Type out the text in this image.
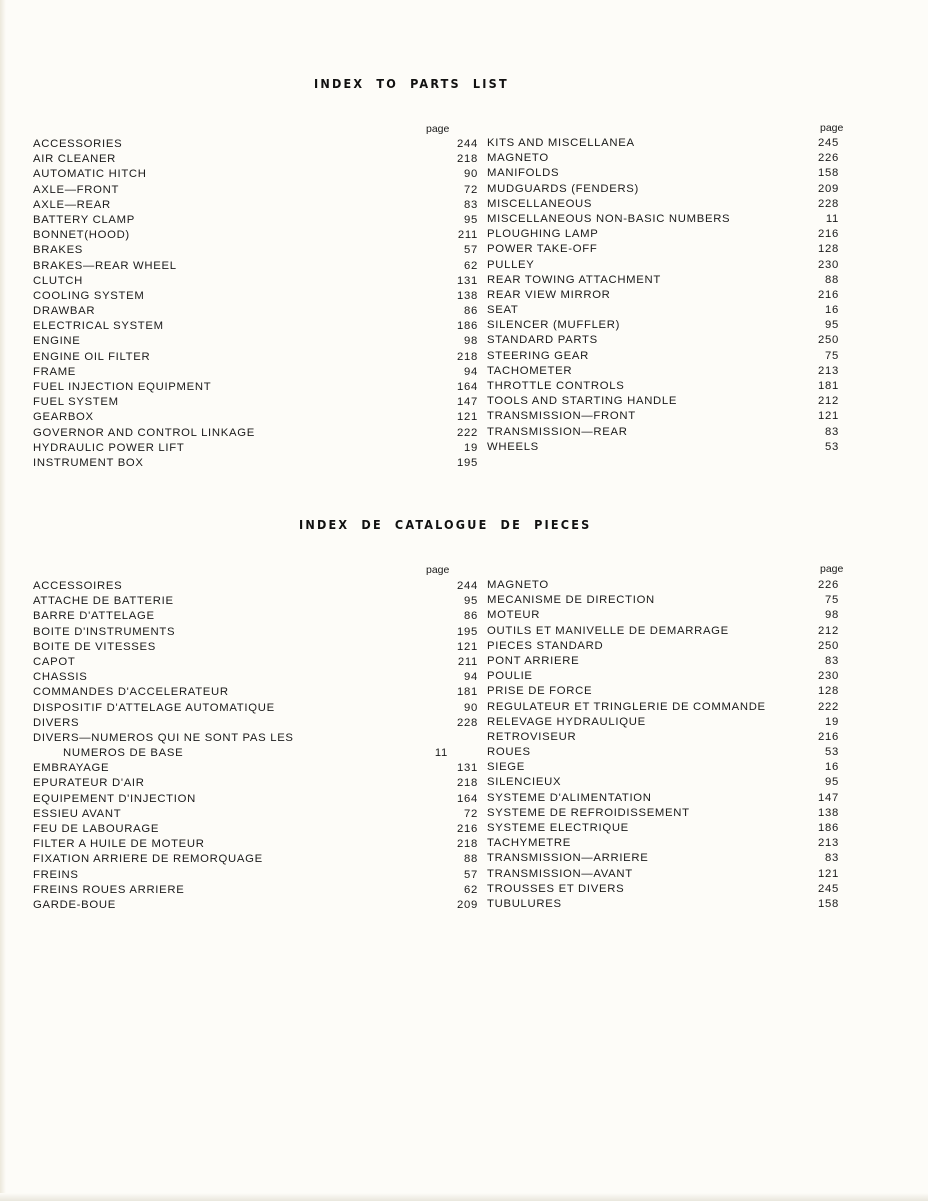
INDEX TO PARTS LIST
page	page
ACCESSORIES	244
AIR CLEANER	218
AUTOMATIC HITCH	90
AXLE—FRONT	72
AXLE—REAR	83
BATTERY CLAMP	95
BONNET(HOOD)	211
BRAKES	57
BRAKES—REAR WHEEL	62
CLUTCH	131
COOLING SYSTEM	138
DRAWBAR	86
ELECTRICAL SYSTEM	186
ENGINE	98
ENGINE OIL FILTER	218
FRAME	94
FUEL INJECTION EQUIPMENT	164
FUEL SYSTEM	147
GEARBOX	121
GOVERNOR AND CONTROL LINKAGE	222
HYDRAULIC POWER LIFT	19
INSTRUMENT BOX	195
KITS AND MISCELLANEA	245
MAGNETO	226
MANIFOLDS	158
MUDGUARDS (FENDERS)	209
MISCELLANEOUS	228
MISCELLANEOUS NON-BASIC NUMBERS	11
PLOUGHING LAMP	216
POWER TAKE-OFF	128
PULLEY	230
REAR TOWING ATTACHMENT	88
REAR VIEW MIRROR	216
SEAT	16
SILENCER (MUFFLER)	95
STANDARD PARTS	250
STEERING GEAR	75
TACHOMETER	213
THROTTLE CONTROLS	181
TOOLS AND STARTING HANDLE	212
TRANSMISSION—FRONT	121
TRANSMISSION—REAR	83
WHEELS	53
INDEX DE CATALOGUE DE PIECES
page	page
ACCESSOIRES	244
ATTACHE DE BATTERIE	95
BARRE D'ATTELAGE	86
BOITE D'INSTRUMENTS	195
BOITE DE VITESSES	121
CAPOT	211
CHASSIS	94
COMMANDES D'ACCELERATEUR	181
DISPOSITIF D'ATTELAGE AUTOMATIQUE	90
DIVERS	228
DIVERS—NUMEROS QUI NE SONT PAS LES
NUMEROS DE BASE	11
EMBRAYAGE	131
EPURATEUR D'AIR	218
EQUIPEMENT D'INJECTION	164
ESSIEU AVANT	72
FEU DE LABOURAGE	216
FILTER A HUILE DE MOTEUR	218
FIXATION ARRIERE DE REMORQUAGE	88
FREINS	57
FREINS ROUES ARRIERE	62
GARDE-BOUE	209
MAGNETO	226
MECANISME DE DIRECTION	75
MOTEUR	98
OUTILS ET MANIVELLE DE DEMARRAGE	212
PIECES STANDARD	250
PONT ARRIERE	83
POULIE	230
PRISE DE FORCE	128
REGULATEUR ET TRINGLERIE DE COMMANDE	222
RELEVAGE HYDRAULIQUE	19
RETROVISEUR	216
ROUES	53
SIEGE	16
SILENCIEUX	95
SYSTEME D'ALIMENTATION	147
SYSTEME DE REFROIDISSEMENT	138
SYSTEME ELECTRIQUE	186
TACHYMETRE	213
TRANSMISSION—ARRIERE	83
TRANSMISSION—AVANT	121
TROUSSES ET DIVERS	245
TUBULURES	158
